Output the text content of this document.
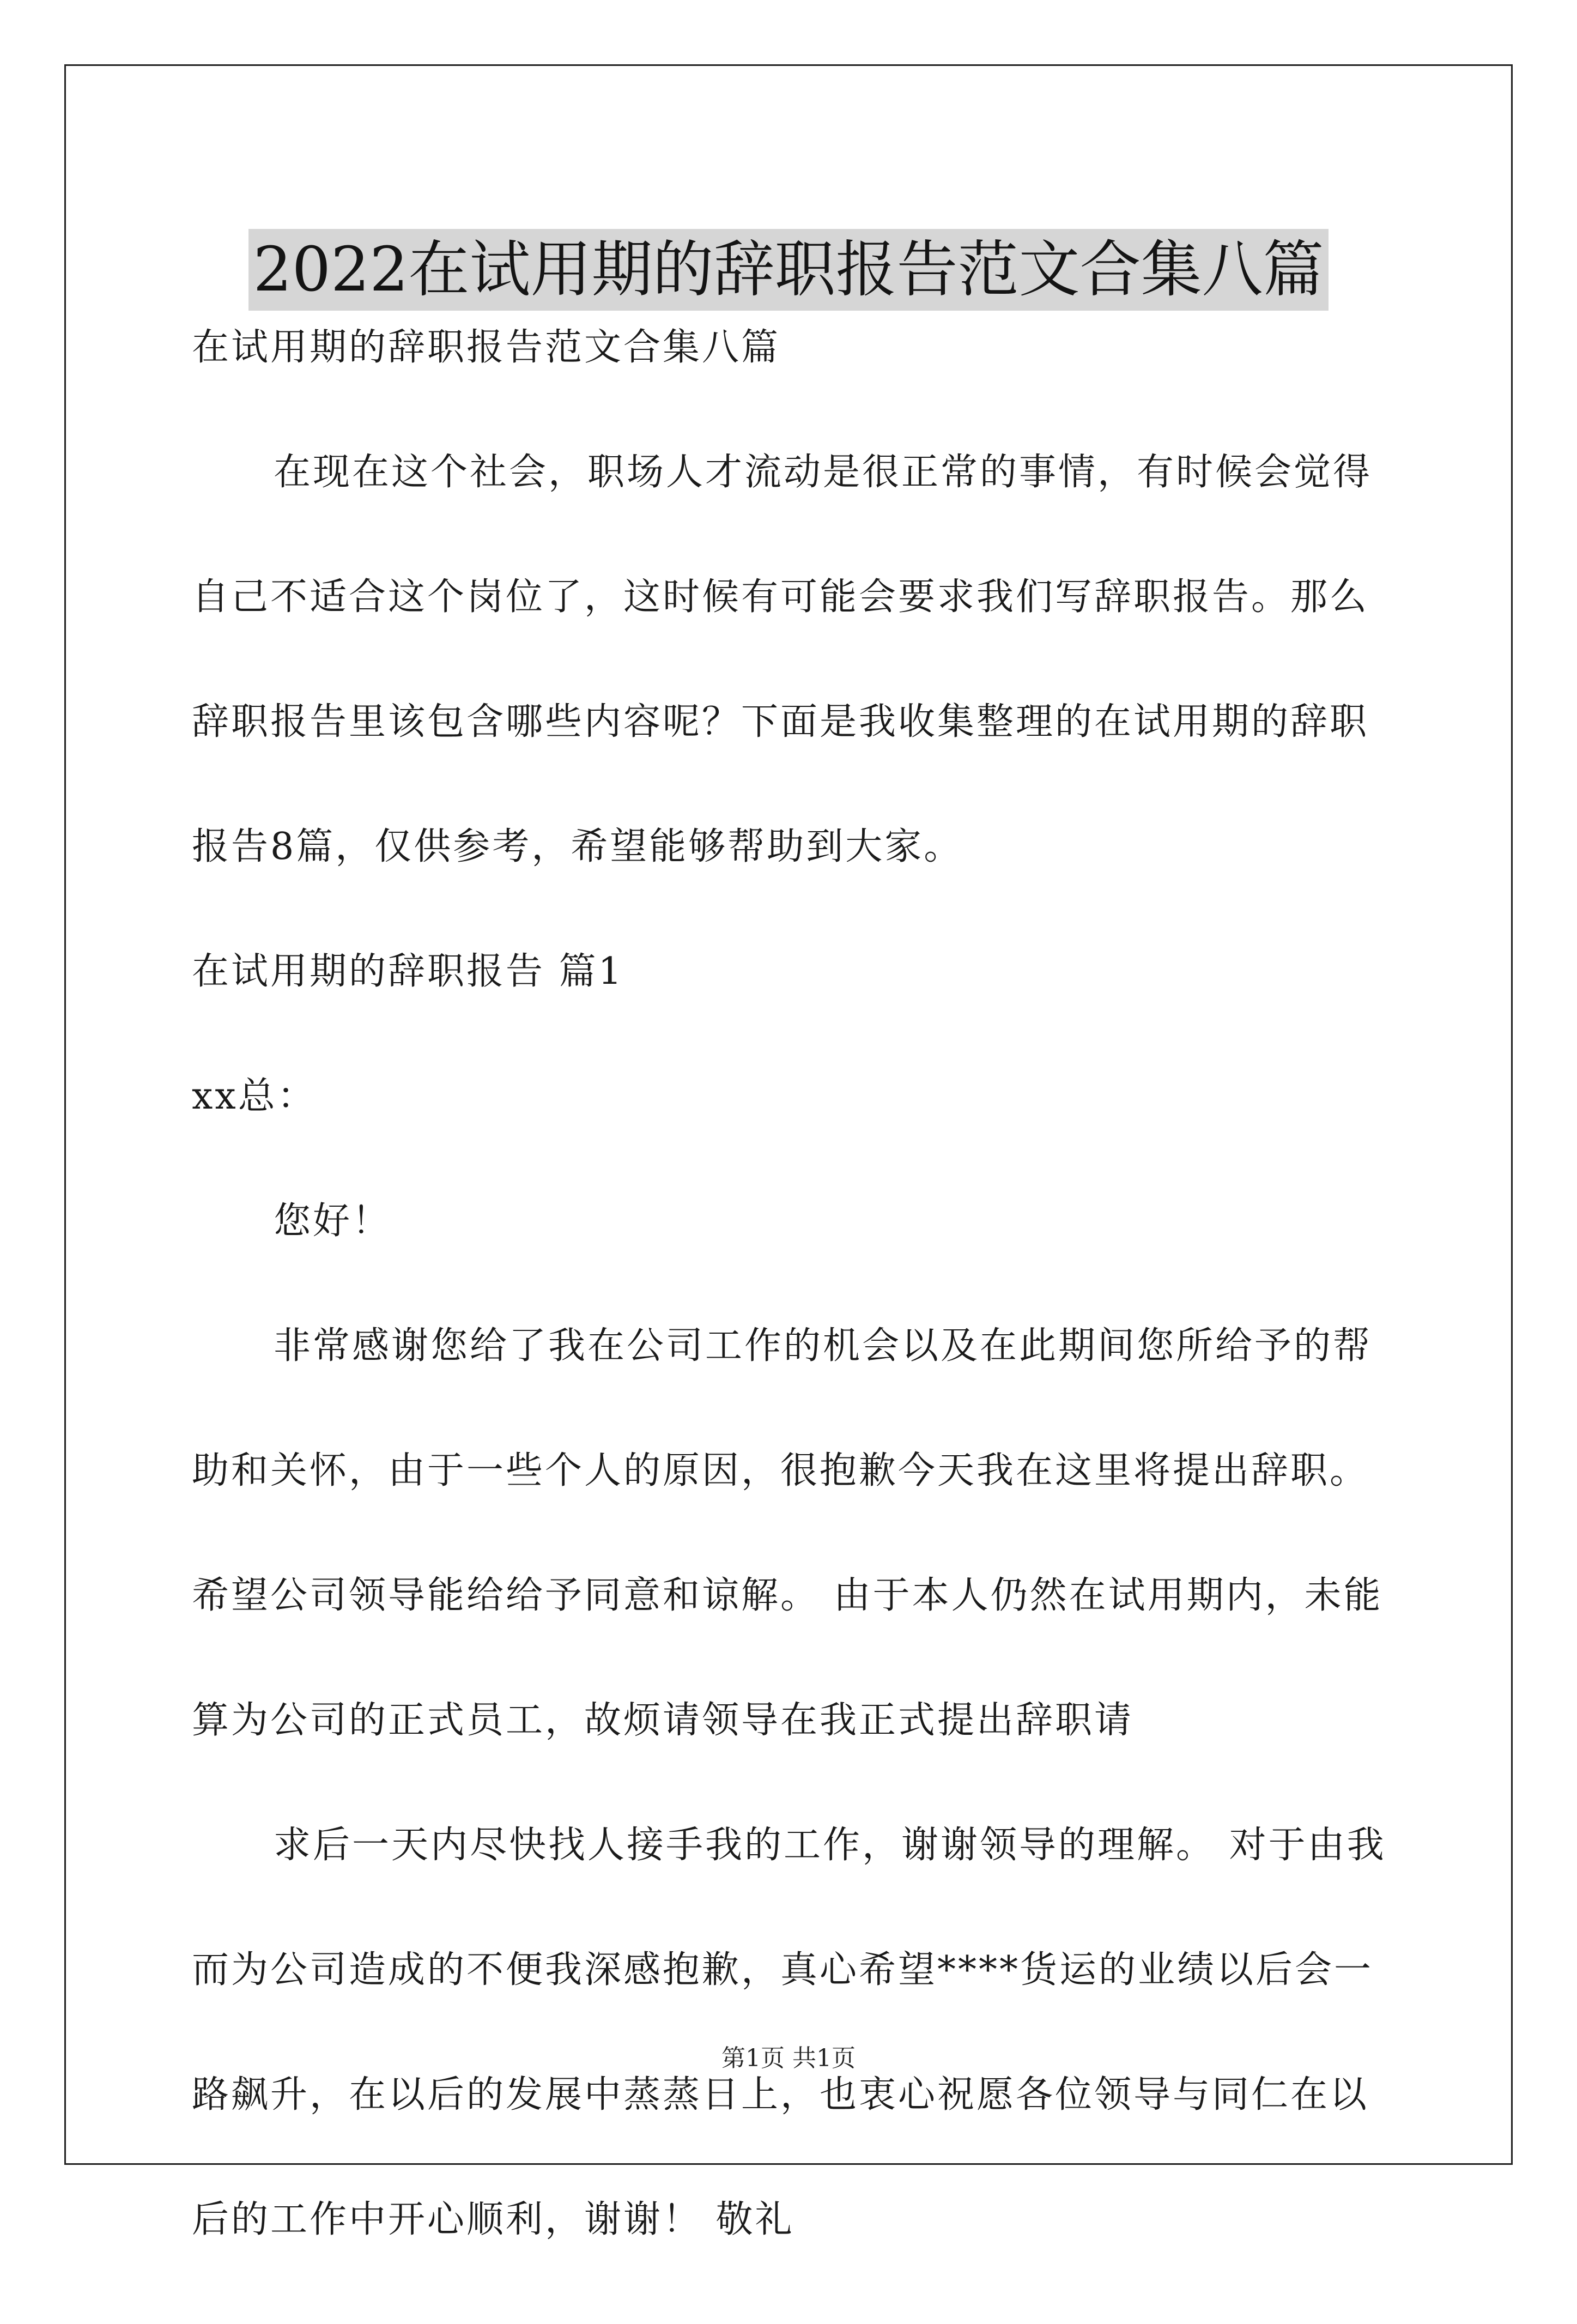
2022在试用期的辞职报告范文合集八篇
在试用期的辞职报告范文合集八篇
在现在这个社会，职场人才流动是很正常的事情，有时候会觉得
自己不适合这个岗位了，这时候有可能会要求我们写辞职报告。那么
辞职报告里该包含哪些内容呢？下面是我收集整理的在试用期的辞职
报告8篇，仅供参考，希望能够帮助到大家。
在试用期的辞职报告 篇1
xx总：
您好！
非常感谢您给了我在公司工作的机会以及在此期间您所给予的帮
助和关怀，由于一些个人的原因，很抱歉今天我在这里将提出辞职。
希望公司领导能给给予同意和谅解。 由于本人仍然在试用期内，未能
算为公司的正式员工，故烦请领导在我正式提出辞职请
求后一天内尽快找人接手我的工作，谢谢领导的理解。 对于由我
而为公司造成的不便我深感抱歉，真心希望****货运的业绩以后会一
路飙升，在以后的发展中蒸蒸日上，也衷心祝愿各位领导与同仁在以
后的工作中开心顺利，谢谢！ 敬礼
第1页 共1页
